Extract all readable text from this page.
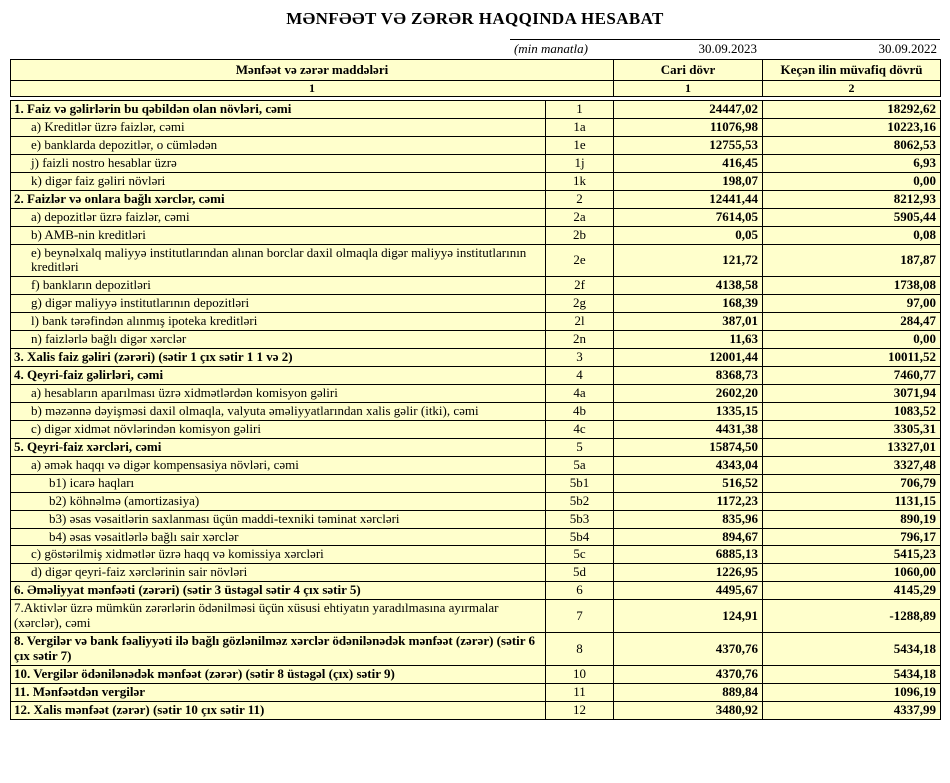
MƏNFƏƏT VƏ ZƏRƏR HAQQINDA HESABAT
(min manatla)	30.09.2023	30.09.2022
Mənfəət və zərər maddələri	Cari dövr	Keçən ilin müvafiq dövrü
1	1	2
1. Faiz və gəlirlərin bu qəbildən olan növləri, cəmi	1	24447,02	18292,62
a) Kreditlər üzrə faizlər, cəmi	1a	11076,98	10223,16
e) banklarda depozitlər, o cümlədən	1e	12755,53	8062,53
j) faizli nostro hesablar üzrə	1j	416,45	6,93
k) digər faiz gəliri növləri	1k	198,07	0,00
2. Faizlər və onlara bağlı xərclər, cəmi	2	12441,44	8212,93
a) depozitlər üzrə faizlər, cəmi	2a	7614,05	5905,44
b) AMB-nin kreditləri	2b	0,05	0,08
e) beynəlxalq maliyyə institutlarından alınan borclar daxil olmaqla digər maliyyə institutlarının kreditləri	2e	121,72	187,87
f) bankların depozitləri	2f	4138,58	1738,08
g) digər maliyyə institutlarının depozitləri	2g	168,39	97,00
l) bank tərəfindən alınmış ipoteka kreditləri	2l	387,01	284,47
n) faizlərlə bağlı digər xərclər	2n	11,63	0,00
3. Xalis faiz gəliri (zərəri) (sətir 1 çıx sətir 1 1 və 2)	3	12001,44	10011,52
4. Qeyri-faiz gəlirləri, cəmi	4	8368,73	7460,77
a) hesabların aparılması üzrə xidmətlərdən komisyon gəliri	4a	2602,20	3071,94
b) məzənnə dəyişməsi daxil olmaqla, valyuta əməliyyatlarından xalis gəlir (itki), cəmi	4b	1335,15	1083,52
c) digər xidmət növlərindən komisyon gəliri	4c	4431,38	3305,31
5. Qeyri-faiz xərcləri, cəmi	5	15874,50	13327,01
a) əmək haqqı və digər kompensasiya növləri, cəmi	5a	4343,04	3327,48
b1) icarə haqları	5b1	516,52	706,79
b2) köhnəlmə (amortizasiya)	5b2	1172,23	1131,15
b3) əsas vəsaitlərin saxlanması üçün maddi-texniki təminat xərcləri	5b3	835,96	890,19
b4) əsas vəsaitlərlə bağlı sair xərclər	5b4	894,67	796,17
c) göstərilmiş xidmətlər üzrə haqq və komissiya xərcləri	5c	6885,13	5415,23
d) digər qeyri-faiz xərclərinin sair növləri	5d	1226,95	1060,00
6. Əməliyyat mənfəəti (zərəri) (sətir 3 üstəgəl sətir 4 çıx sətir 5)	6	4495,67	4145,29
7.Aktivlər üzrə mümkün zərərlərin ödənilməsi üçün xüsusi ehtiyatın yaradılmasına ayırmalar (xərclər), cəmi	7	124,91	-1288,89
8. Vergilər və bank fəaliyyəti ilə bağlı gözlənilməz xərclər ödənilənədək mənfəət (zərər) (sətir 6 çıx sətir 7)	8	4370,76	5434,18
10. Vergilər ödənilənədək mənfəət (zərər) (sətir 8 üstəgəl (çıx) sətir 9)	10	4370,76	5434,18
11. Mənfəətdən vergilər	11	889,84	1096,19
12. Xalis mənfəət (zərər) (sətir 10 çıx sətir 11)	12	3480,92	4337,99
